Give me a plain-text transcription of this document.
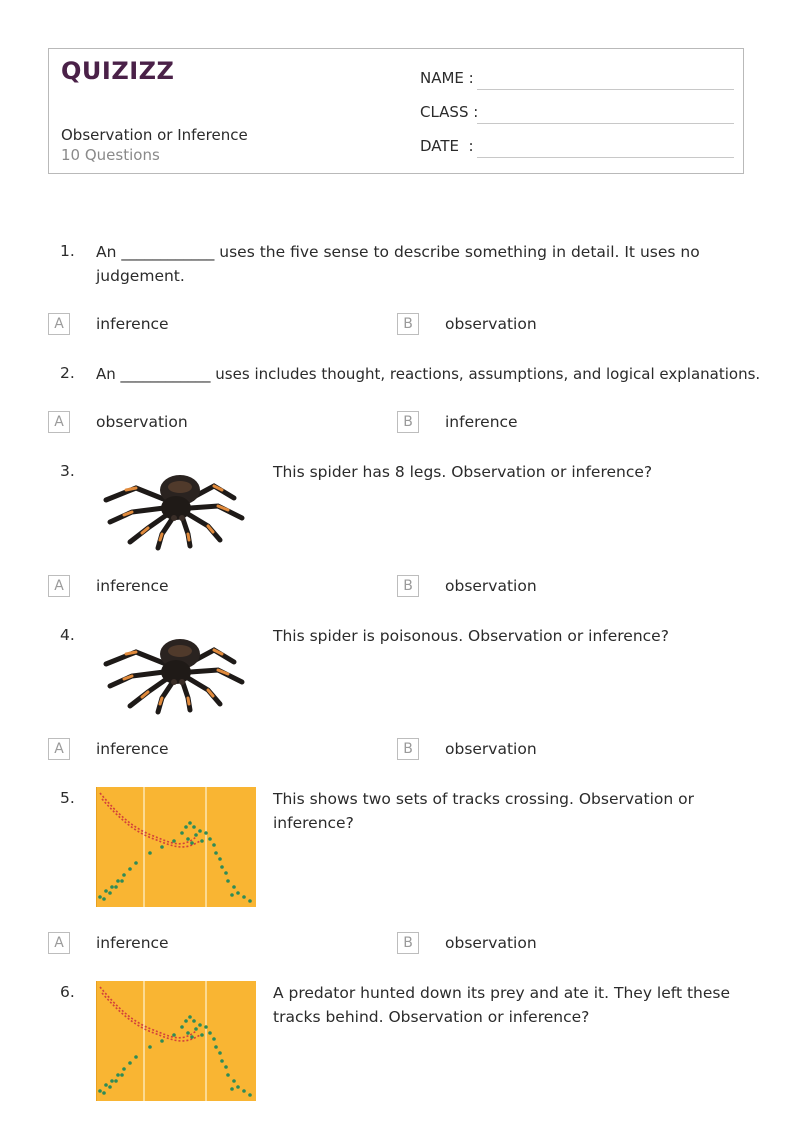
QUIZIZZ
Observation or Inference
10 Questions
NAME :
CLASS :
DATE  :
1. An ____________ uses the five sense to describe something in detail. It uses no
judgement.
A	inference	B	observation
2. An ____________ uses includes thought, reactions, assumptions, and logical explanations.
A	observation	B	inference
3.	This spider has 8 legs. Observation or inference?
A	inference	B	observation
4.	This spider is poisonous. Observation or inference?
A	inference	B	observation
5.	This shows two sets of tracks crossing. Observation or
inference?
A	inference	B	observation
6.	A predator hunted down its prey and ate it. They left these
tracks behind. Observation or inference?
